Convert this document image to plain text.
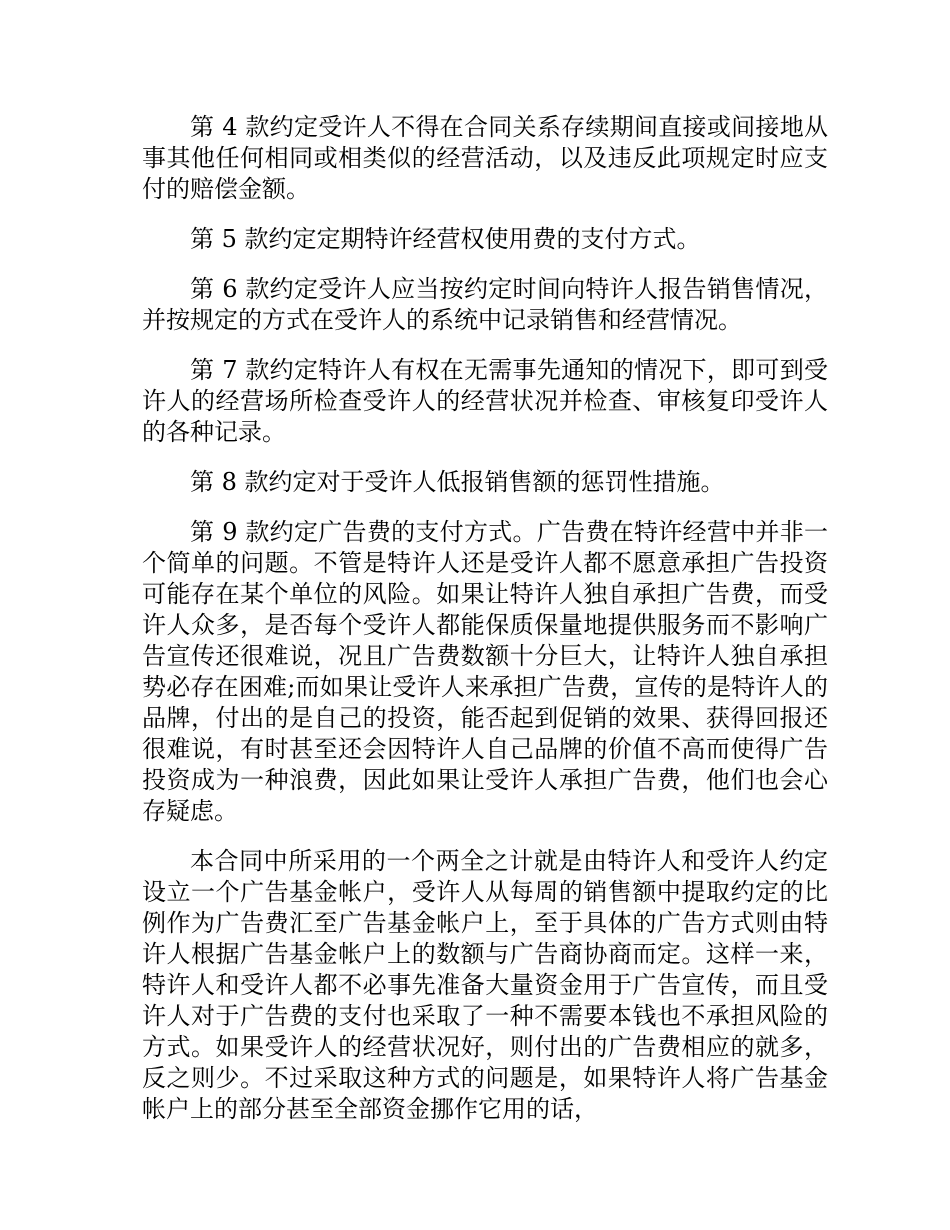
第 4 款约定受许人不得在合同关系存续期间直接或间接地从事其他任何相同或相类似的经营活动，以及违反此项规定时应支付的赔偿金额。

第 5 款约定定期特许经营权使用费的支付方式。

第 6 款约定受许人应当按约定时间向特许人报告销售情况，并按规定的方式在受许人的系统中记录销售和经营情况。

第 7 款约定特许人有权在无需事先通知的情况下，即可到受许人的经营场所检查受许人的经营状况并检查、审核复印受许人的各种记录。

第 8 款约定对于受许人低报销售额的惩罚性措施。

第 9 款约定广告费的支付方式。广告费在特许经营中并非一个简单的问题。不管是特许人还是受许人都不愿意承担广告投资可能存在某个单位的风险。如果让特许人独自承担广告费，而受许人众多，是否每个受许人都能保质保量地提供服务而不影响广告宣传还很难说，况且广告费数额十分巨大，让特许人独自承担势必存在困难;而如果让受许人来承担广告费，宣传的是特许人的品牌，付出的是自己的投资，能否起到促销的效果、获得回报还很难说，有时甚至还会因特许人自己品牌的价值不高而使得广告投资成为一种浪费，因此如果让受许人承担广告费，他们也会心存疑虑。

本合同中所采用的一个两全之计就是由特许人和受许人约定设立一个广告基金帐户，受许人从每周的销售额中提取约定的比例作为广告费汇至广告基金帐户上，至于具体的广告方式则由特许人根据广告基金帐户上的数额与广告商协商而定。这样一来，特许人和受许人都不必事先准备大量资金用于广告宣传，而且受许人对于广告费的支付也采取了一种不需要本钱也不承担风险的方式。如果受许人的经营状况好，则付出的广告费相应的就多，反之则少。不过采取这种方式的问题是，如果特许人将广告基金帐户上的部分甚至全部资金挪作它用的话，
